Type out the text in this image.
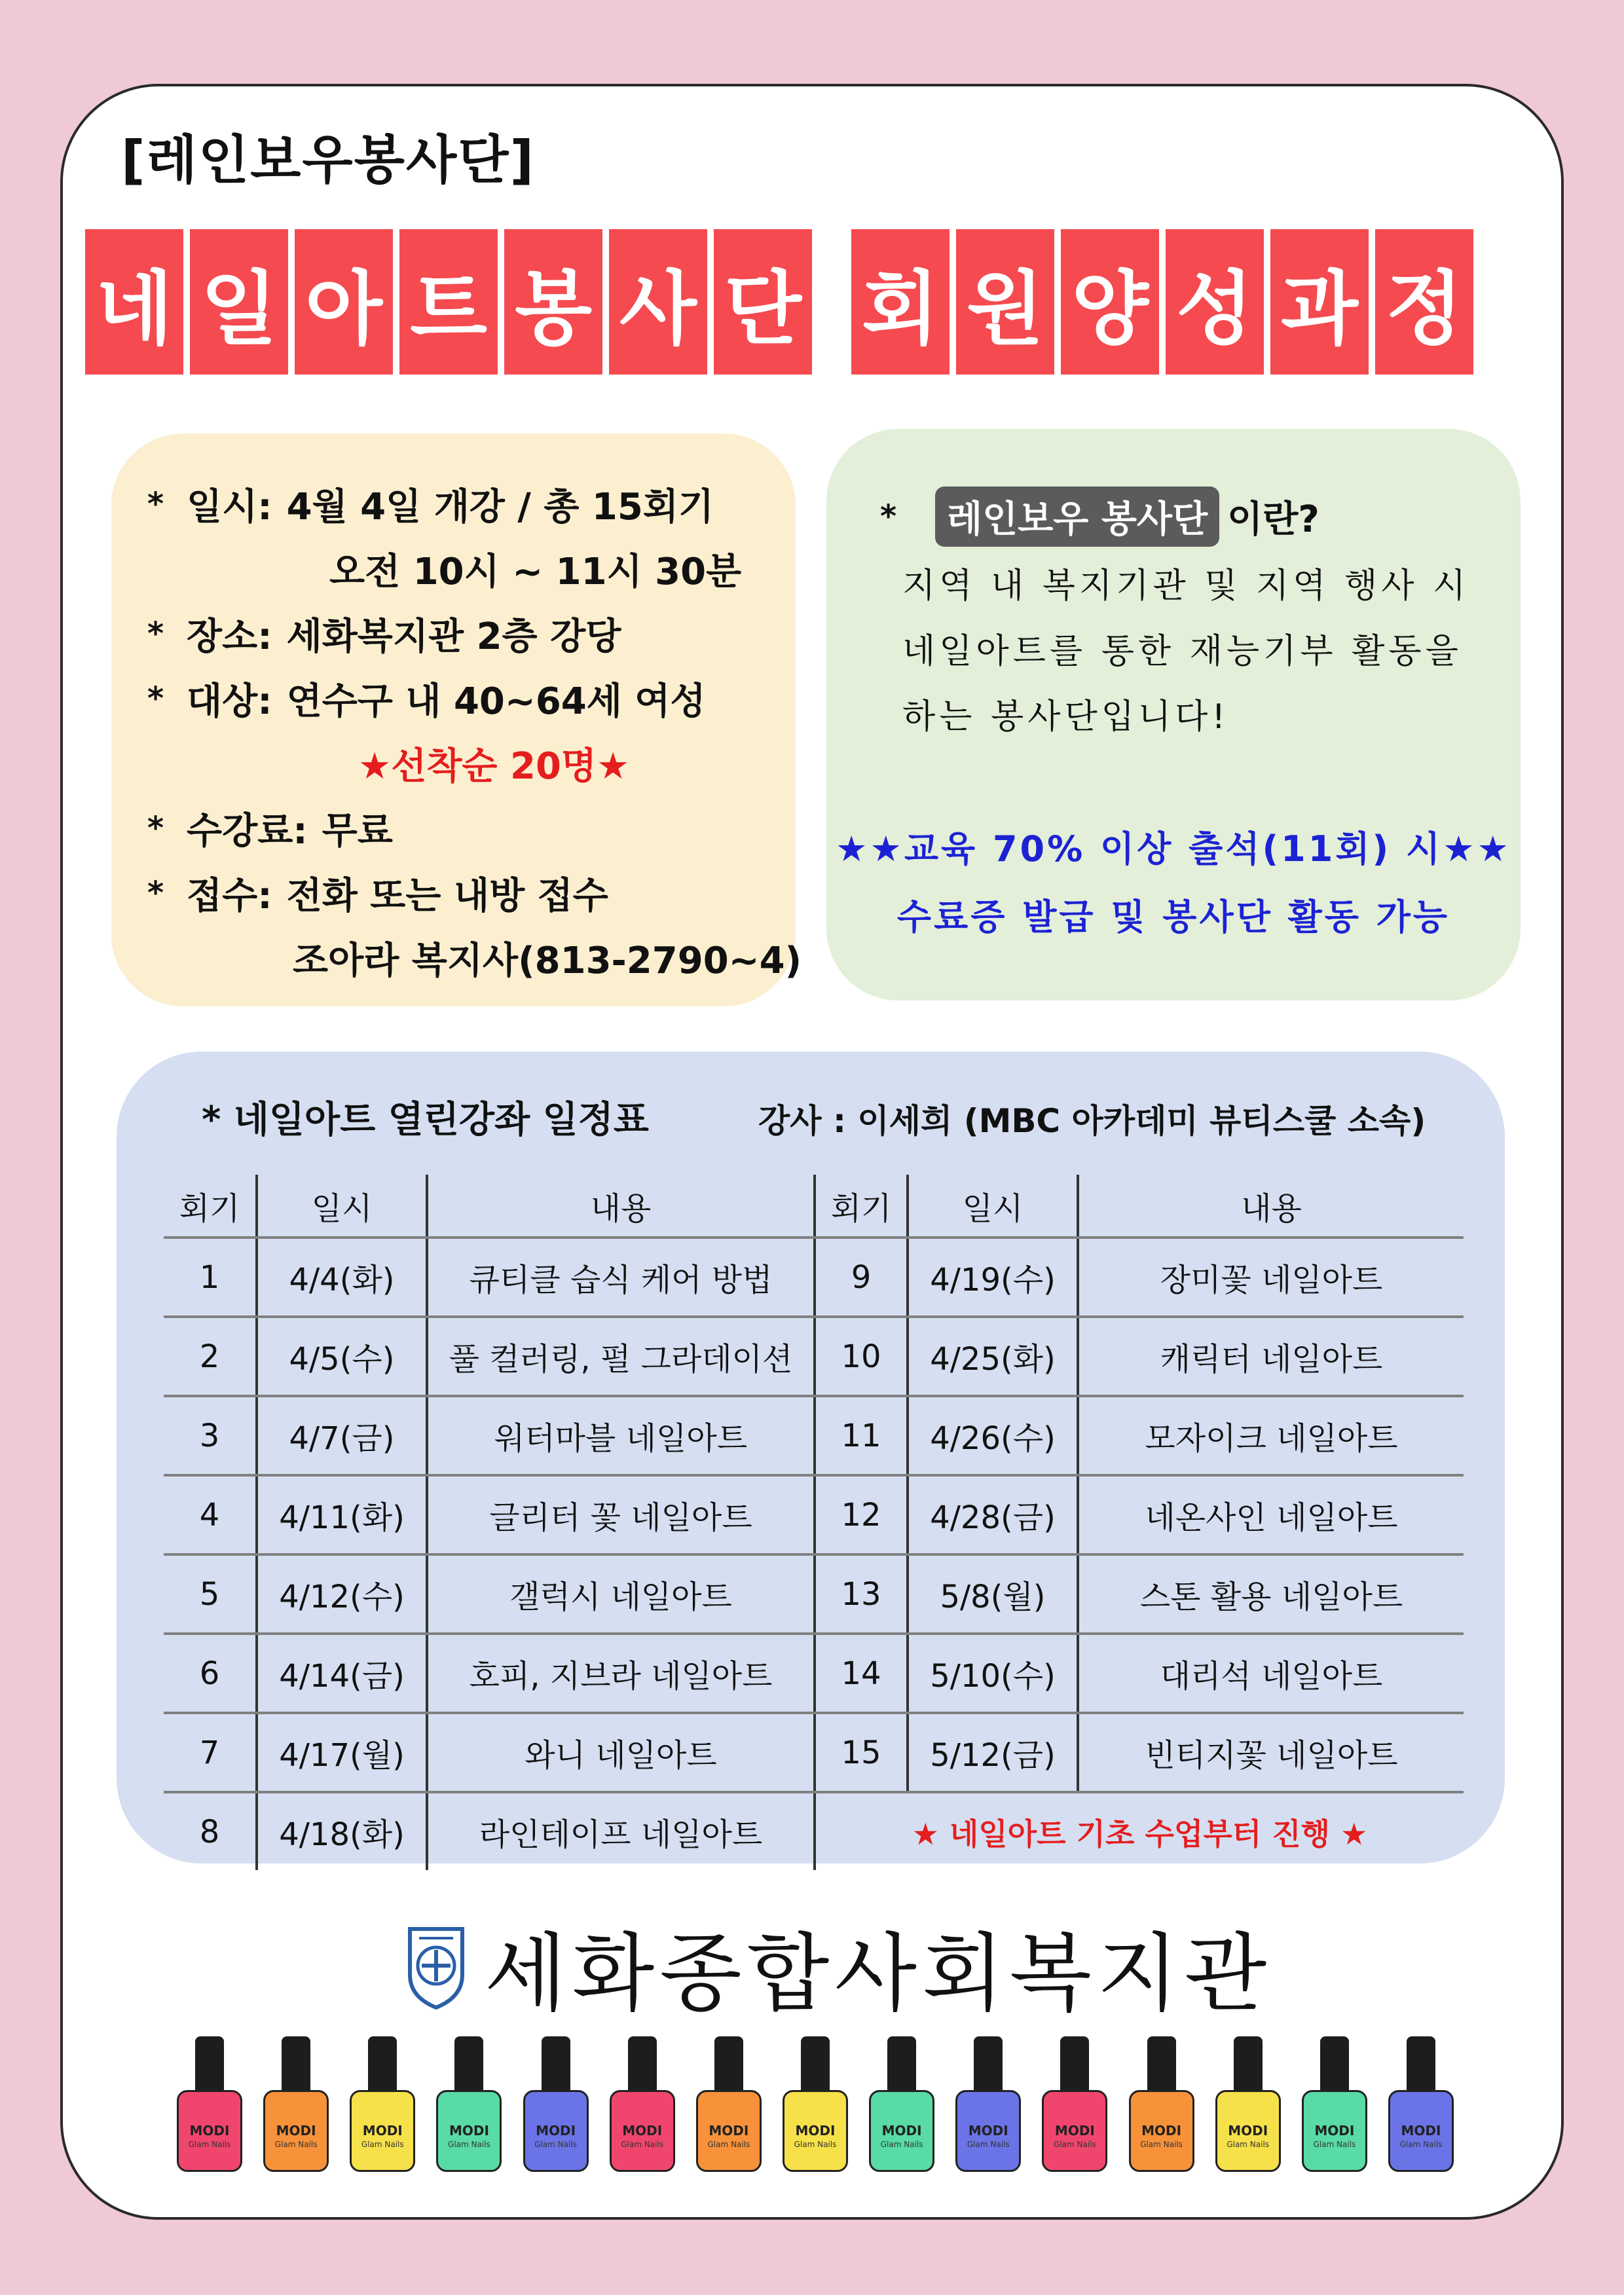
[레인보우봉사단]
네 일 아 트 봉 사 단 회 원 양 성 과 정
* 일시: 4월 4일 개강 / 총 15회기
오전 10시 ~ 11시 30분
* 장소: 세화복지관 2층 강당
* 대상: 연수구 내 40~64세 여성
★선착순 20명★
* 수강료: 무료
* 접수: 전화 또는 내방 접수
조아라 복지사(813-2790~4)
*	레인보우 봉사단 이란?
지역 내 복지기관 및 지역 행사 시
네일아트를 통한 재능기부 활동을
하는 봉사단입니다!
★★교육 70% 이상 출석(11회) 시★★
수료증 발급 및 봉사단 활동 가능
* 네일아트 열린강좌 일정표	강사 : 이세희 (MBC 아카데미 뷰티스쿨 소속)
회기	일시	내용	회기	일시	내용
1	4/4(화)	큐티클 습식 케어 방법	9	4/19(수)	장미꽃 네일아트
2	4/5(수)	풀 컬러링, 펄 그라데이션	10	4/25(화)	캐릭터 네일아트
3	4/7(금)	워터마블 네일아트	11	4/26(수)	모자이크 네일아트
4	4/11(화)	글리터 꽃 네일아트	12	4/28(금)	네온사인 네일아트
5	4/12(수)	갤럭시 네일아트	13	5/8(월)	스톤 활용 네일아트
6	4/14(금)	호피, 지브라 네일아트	14	5/10(수)	대리석 네일아트
7	4/17(월)	와니 네일아트	15	5/12(금)	빈티지꽃 네일아트
8	4/18(화)	라인테이프 네일아트	★ 네일아트 기초 수업부터 진행 ★		
세화종합사회복지관
MODI
Glam Nails
MODI
Glam Nails
MODI
Glam Nails
MODI
Glam Nails
MODI
Glam Nails
MODI
Glam Nails
MODI
Glam Nails
MODI
Glam Nails
MODI
Glam Nails
MODI
Glam Nails
MODI
Glam Nails
MODI
Glam Nails
MODI
Glam Nails
MODI
Glam Nails
MODI
Glam Nails
